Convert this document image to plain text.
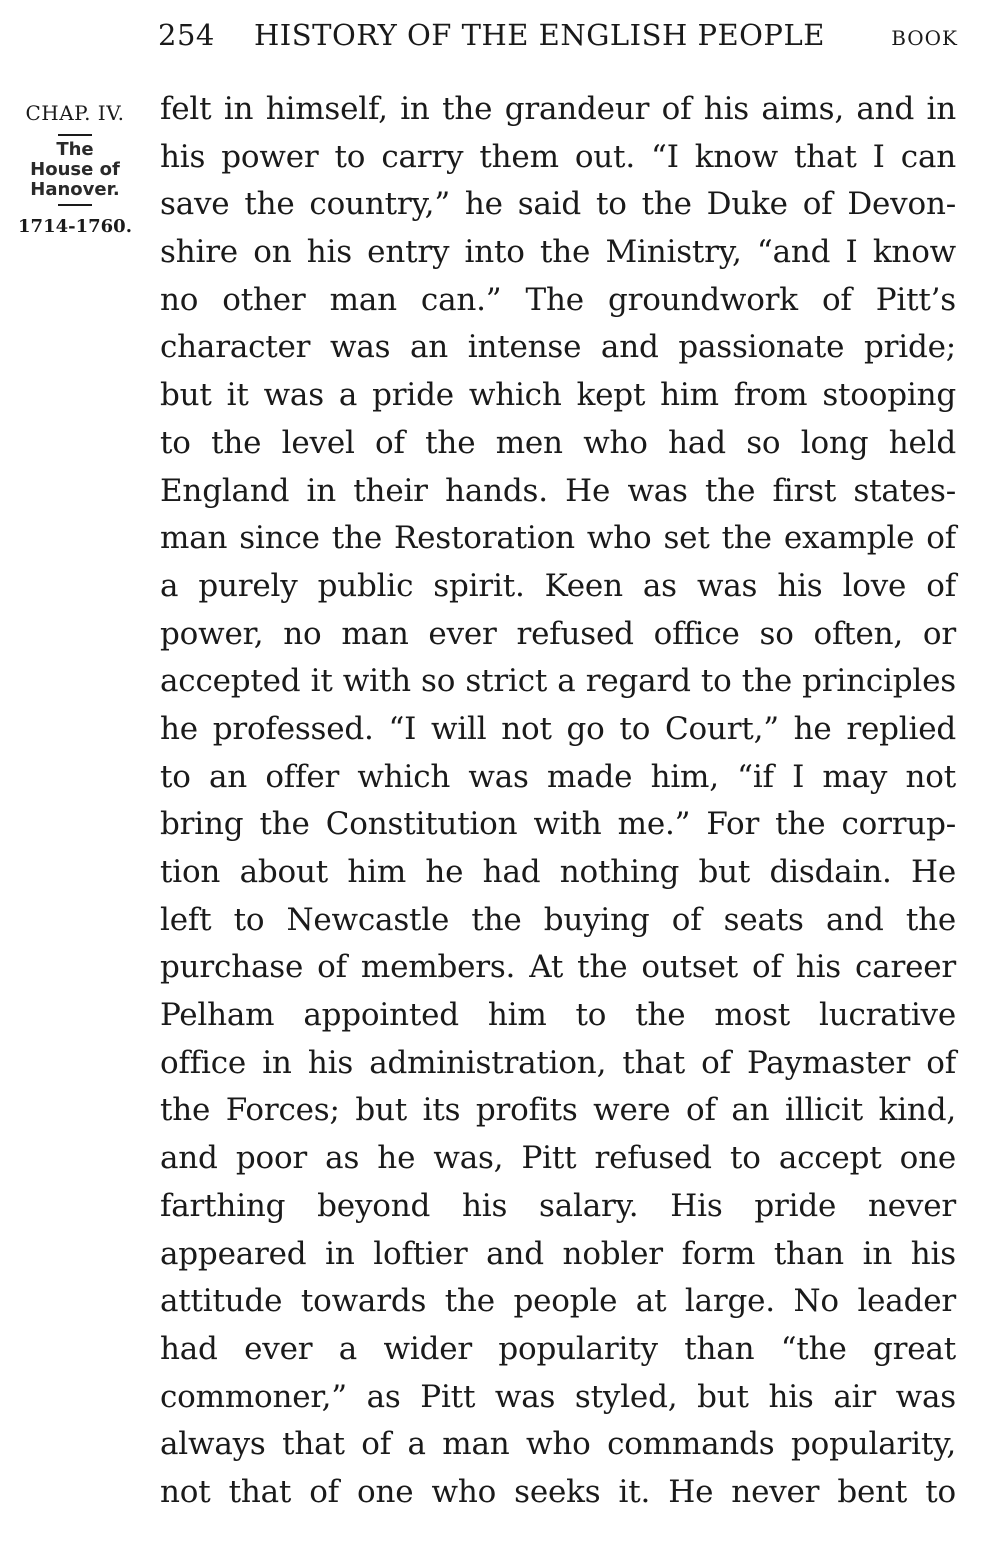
254 HISTORY OF THE ENGLISH PEOPLE	BOOK
CHAP. IV.
The
House of
Hanover.
1714-1760.
felt in himself, in the grandeur of his aims, and in
his power to carry them out. “I know that I can
save the country,” he said to the Duke of Devon-
shire on his entry into the Ministry, “and I know
no other man can.” The groundwork of Pitt’s
character was an intense and passionate pride;
but it was a pride which kept him from stooping
to the level of the men who had so long held
England in their hands. He was the first states-
man since the Restoration who set the example of
a purely public spirit. Keen as was his love of
power, no man ever refused office so often, or
accepted it with so strict a regard to the principles
he professed. “I will not go to Court,” he replied
to an offer which was made him, “if I may not
bring the Constitution with me.” For the corrup-
tion about him he had nothing but disdain. He
left to Newcastle the buying of seats and the
purchase of members. At the outset of his career
Pelham appointed him to the most lucrative
office in his administration, that of Paymaster of
the Forces; but its profits were of an illicit kind,
and poor as he was, Pitt refused to accept one
farthing beyond his salary. His pride never
appeared in loftier and nobler form than in his
attitude towards the people at large. No leader
had ever a wider popularity than “the great
commoner,” as Pitt was styled, but his air was
always that of a man who commands popularity,
not that of one who seeks it. He never bent to
